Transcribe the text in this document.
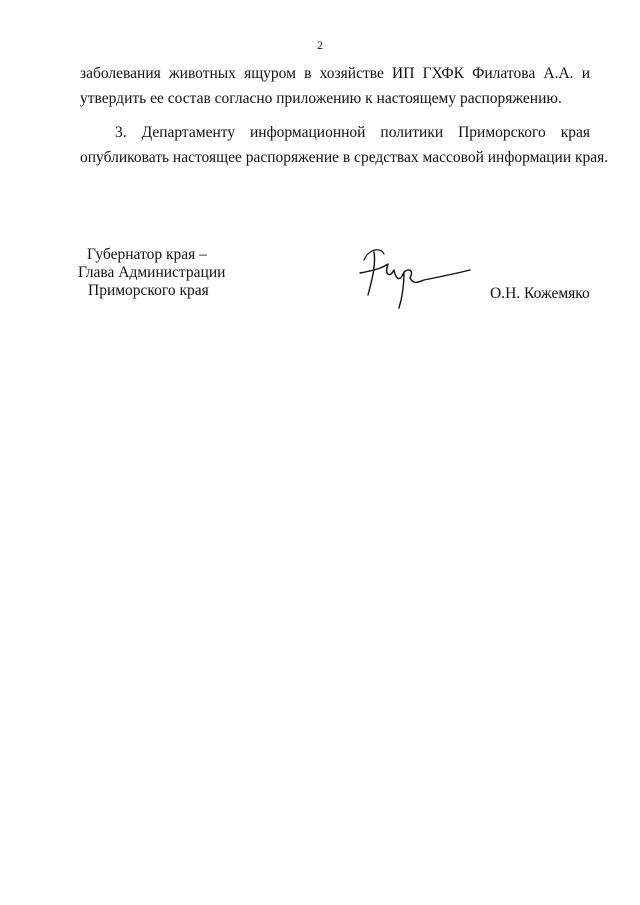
2
заболевания животных ящуром в хозяйстве ИП ГХФК Филатова А.А. и
утвердить ее состав согласно приложению к настоящему распоряжению.
3. Департаменту информационной политики Приморского края
опубликовать настоящее распоряжение в средствах массовой информации края.
Губернатор края –
Глава Администрации
Приморского края	О.Н. Кожемяко
